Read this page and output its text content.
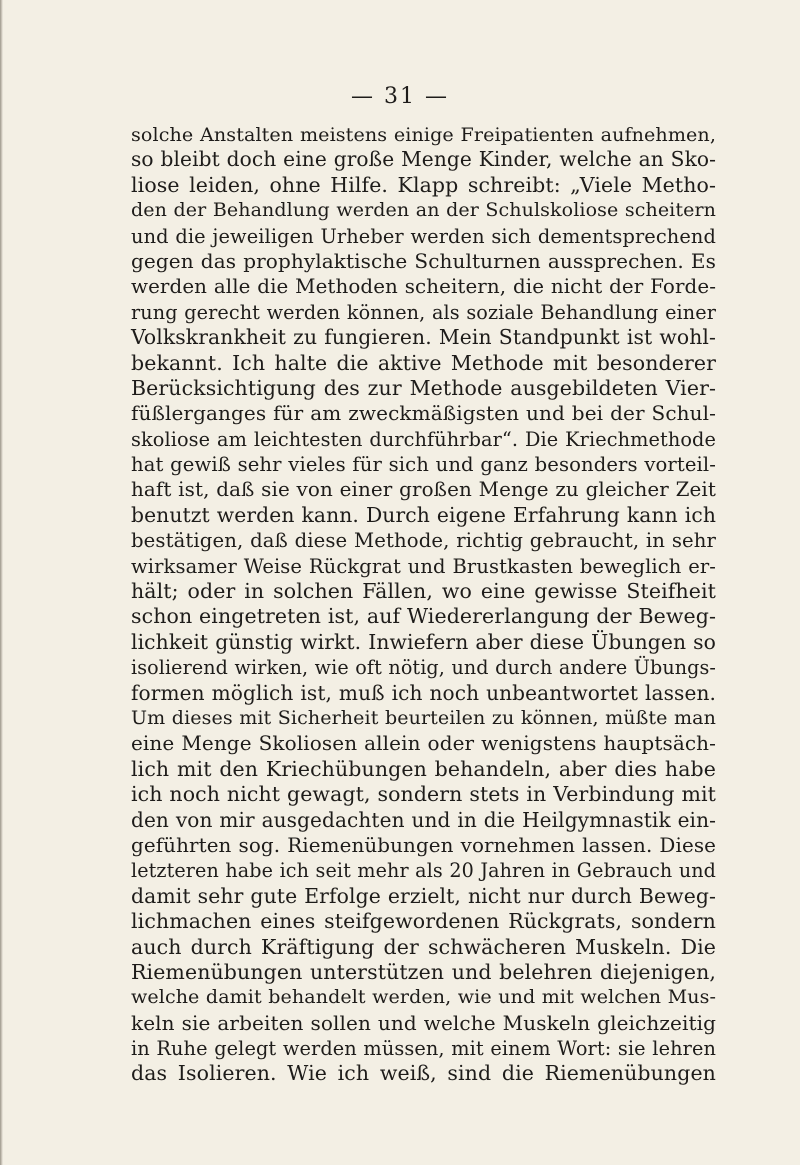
— 31 —
solche Anstalten meistens einige Freipatienten aufnehmen,
so bleibt doch eine große Menge Kinder, welche an Sko-
liose leiden, ohne Hilfe. Klapp schreibt: „Viele Metho-
den der Behandlung werden an der Schulskoliose scheitern
und die jeweiligen Urheber werden sich dementsprechend
gegen das prophylaktische Schulturnen aussprechen. Es
werden alle die Methoden scheitern, die nicht der Forde-
rung gerecht werden können, als soziale Behandlung einer
Volkskrankheit zu fungieren. Mein Standpunkt ist wohl-
bekannt. Ich halte die aktive Methode mit besonderer
Berücksichtigung des zur Methode ausgebildeten Vier-
füßlerganges für am zweckmäßigsten und bei der Schul-
skoliose am leichtesten durchführbar“. Die Kriechmethode
hat gewiß sehr vieles für sich und ganz besonders vorteil-
haft ist, daß sie von einer großen Menge zu gleicher Zeit
benutzt werden kann. Durch eigene Erfahrung kann ich
bestätigen, daß diese Methode, richtig gebraucht, in sehr
wirksamer Weise Rückgrat und Brustkasten beweglich er-
hält; oder in solchen Fällen, wo eine gewisse Steifheit
schon eingetreten ist, auf Wiedererlangung der Beweg-
lichkeit günstig wirkt. Inwiefern aber diese Übungen so
isolierend wirken, wie oft nötig, und durch andere Übungs-
formen möglich ist, muß ich noch unbeantwortet lassen.
Um dieses mit Sicherheit beurteilen zu können, müßte man
eine Menge Skoliosen allein oder wenigstens hauptsäch-
lich mit den Kriechübungen behandeln, aber dies habe
ich noch nicht gewagt, sondern stets in Verbindung mit
den von mir ausgedachten und in die Heilgymnastik ein-
geführten sog. Riemenübungen vornehmen lassen. Diese
letzteren habe ich seit mehr als 20 Jahren in Gebrauch und
damit sehr gute Erfolge erzielt, nicht nur durch Beweg-
lichmachen eines steifgewordenen Rückgrats, sondern
auch durch Kräftigung der schwächeren Muskeln. Die
Riemenübungen unterstützen und belehren diejenigen,
welche damit behandelt werden, wie und mit welchen Mus-
keln sie arbeiten sollen und welche Muskeln gleichzeitig
in Ruhe gelegt werden müssen, mit einem Wort: sie lehren
das Isolieren. Wie ich weiß, sind die Riemenübungen
